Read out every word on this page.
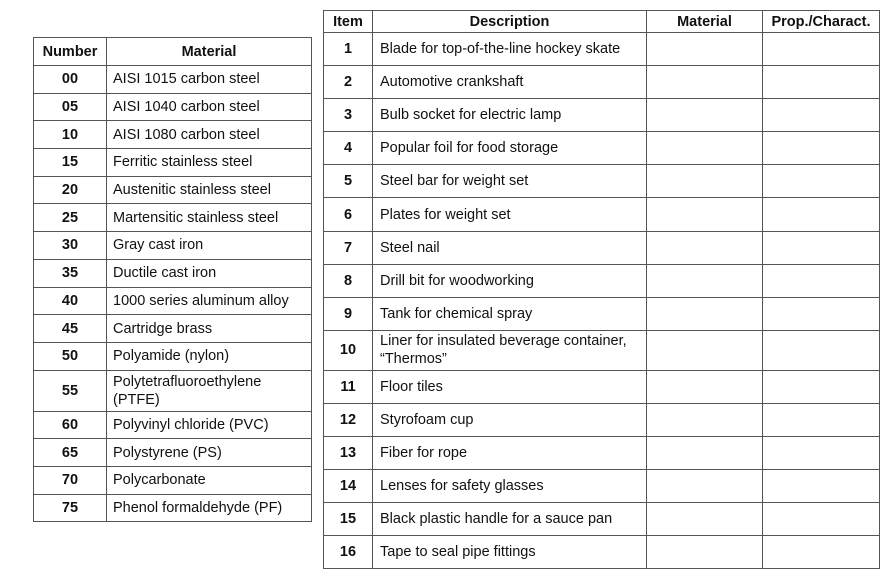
Number	Material
00	AISI 1015 carbon steel
05	AISI 1040 carbon steel
10	AISI 1080 carbon steel
15	Ferritic stainless steel
20	Austenitic stainless steel
25	Martensitic stainless steel
30	Gray cast iron
35	Ductile cast iron
40	1000 series aluminum alloy
45	Cartridge brass
50	Polyamide (nylon)
55	Polytetrafluoroethylene (PTFE)
60	Polyvinyl chloride (PVC)
65	Polystyrene (PS)
70	Polycarbonate
75	Phenol formaldehyde (PF)
Item	Description	Material	Prop./Charact.
1	Blade for top-of-the-line hockey skate		
2	Automotive crankshaft		
3	Bulb socket for electric lamp		
4	Popular foil for food storage		
5	Steel bar for weight set		
6	Plates for weight set		
7	Steel nail		
8	Drill bit for woodworking		
9	Tank for chemical spray		
10	Liner for insulated beverage container, “Thermos”		
11	Floor tiles		
12	Styrofoam cup		
13	Fiber for rope		
14	Lenses for safety glasses		
15	Black plastic handle for a sauce pan		
16	Tape to seal pipe fittings		
